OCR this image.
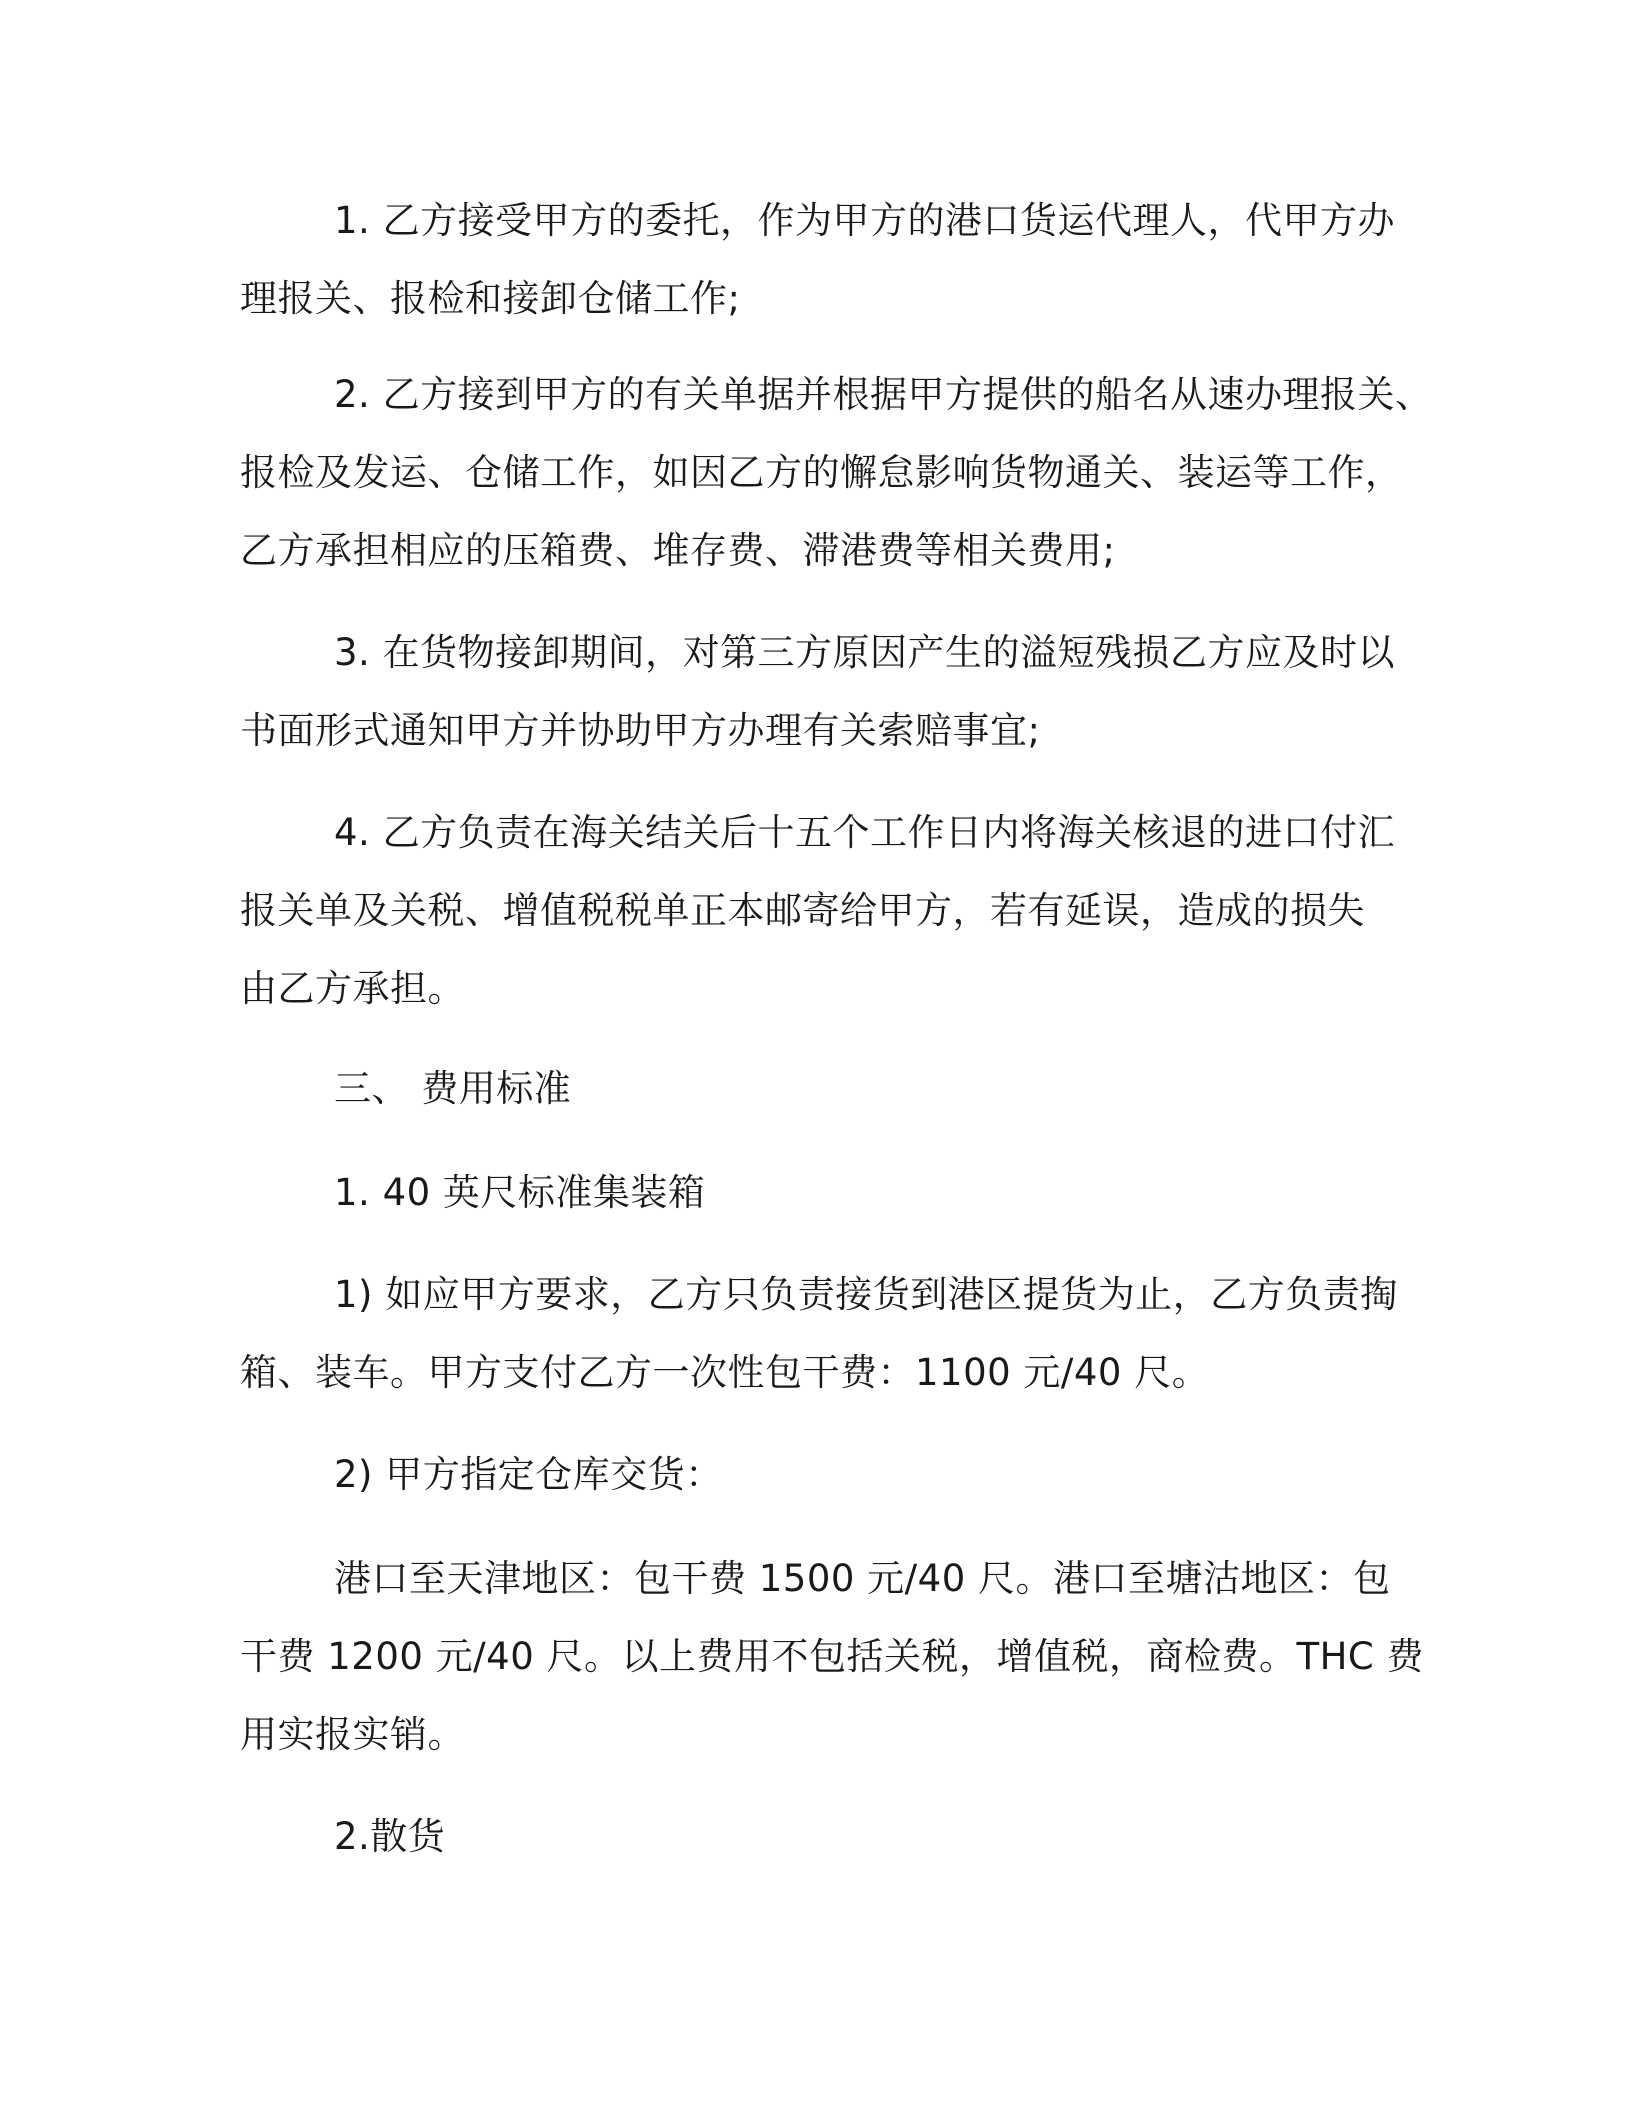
1. 乙方接受甲方的委托，作为甲方的港口货运代理人，代甲方办
理报关、报检和接卸仓储工作;
2. 乙方接到甲方的有关单据并根据甲方提供的船名从速办理报关、
报检及发运、仓储工作，如因乙方的懈怠影响货物通关、装运等工作，
乙方承担相应的压箱费、堆存费、滞港费等相关费用;
3. 在货物接卸期间，对第三方原因产生的溢短残损乙方应及时以
书面形式通知甲方并协助甲方办理有关索赔事宜;
4. 乙方负责在海关结关后十五个工作日内将海关核退的进口付汇
报关单及关税、增值税税单正本邮寄给甲方，若有延误，造成的损失
由乙方承担。
三、 费用标准
1. 40 英尺标准集装箱
1) 如应甲方要求，乙方只负责接货到港区提货为止，乙方负责掏
箱、装车。甲方支付乙方一次性包干费：1100 元/40 尺。
2) 甲方指定仓库交货：
港口至天津地区：包干费 1500 元/40 尺。港口至塘沽地区：包
干费 1200 元/40 尺。以上费用不包括关税，增值税，商检费。THC 费
用实报实销。
2.散货
